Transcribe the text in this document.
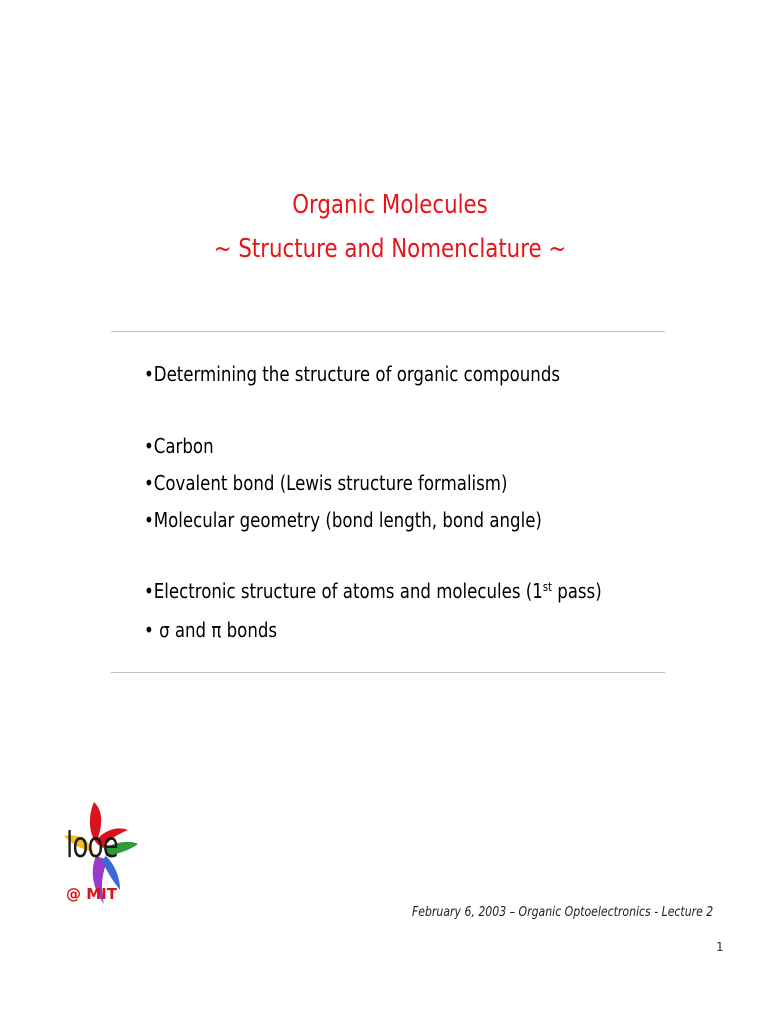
Organic Molecules
~ Structure and Nomenclature ~
•Determining the structure of organic compounds
•Carbon
•Covalent bond (Lewis structure formalism)
•Molecular geometry (bond length, bond angle)
•Electronic structure of atoms and molecules (1st pass)
• σ and π bonds
looe
@ MIT
February 6, 2003 – Organic Optoelectronics - Lecture 2
1
